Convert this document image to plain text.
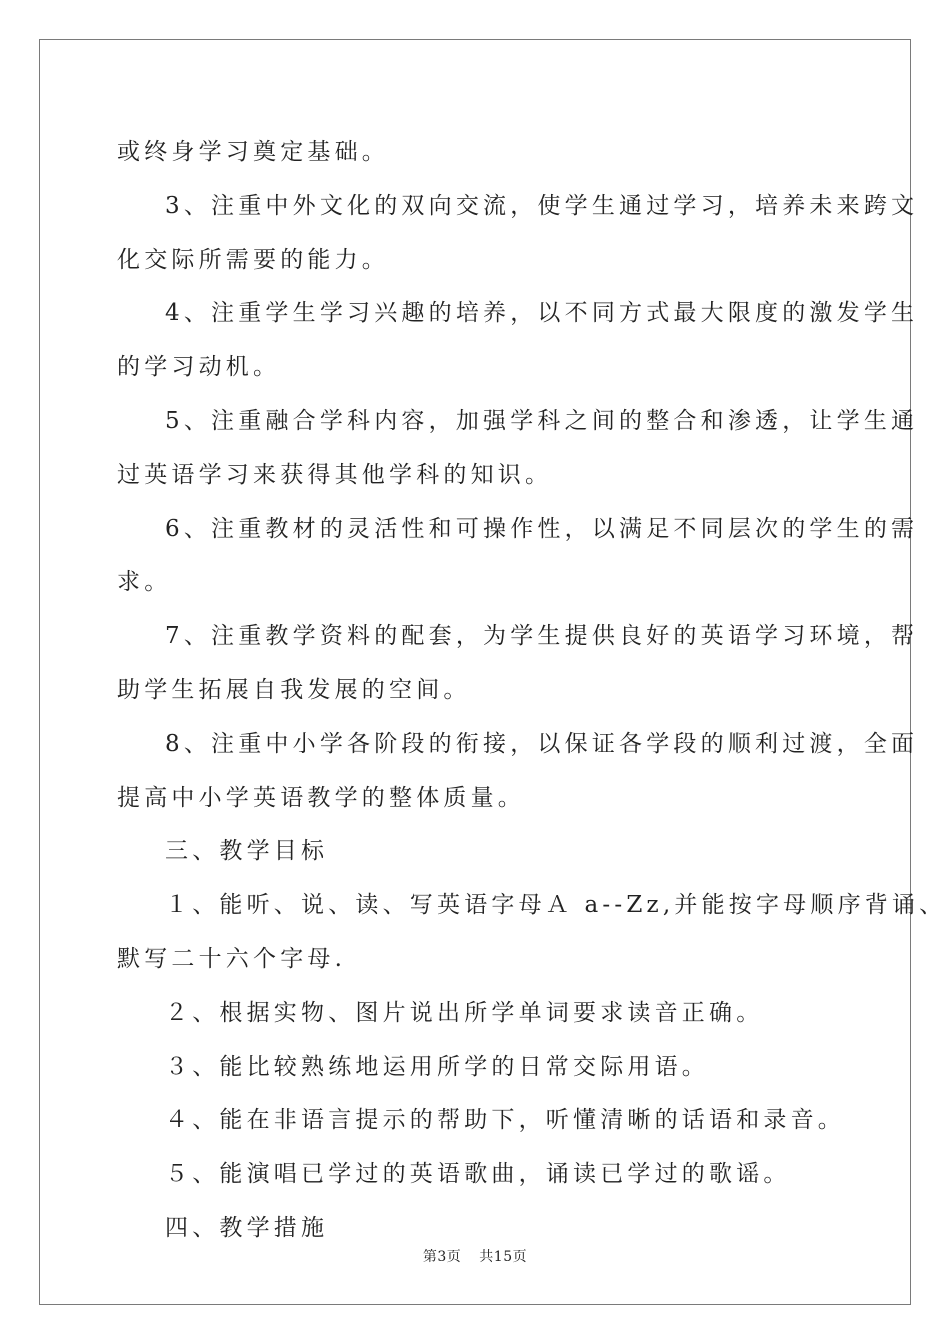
或终身学习奠定基础。
3、注重中外文化的双向交流，使学生通过学习，培养未来跨文
化交际所需要的能力。
4、注重学生学习兴趣的培养，以不同方式最大限度的激发学生
的学习动机。
5、注重融合学科内容，加强学科之间的整合和渗透，让学生通
过英语学习来获得其他学科的知识。
6、注重教材的灵活性和可操作性，以满足不同层次的学生的需
求。
7、注重教学资料的配套，为学生提供良好的英语学习环境，帮
助学生拓展自我发展的空间。
8、注重中小学各阶段的衔接，以保证各学段的顺利过渡，全面
提高中小学英语教学的整体质量。
三、教学目标
１、能听、说、读、写英语字母Ａ a--Zz,并能按字母顺序背诵、
默写二十六个字母.
２、根据实物、图片说出所学单词要求读音正确。
３、能比较熟练地运用所学的日常交际用语。
４、能在非语言提示的帮助下，听懂清晰的话语和录音。
５、能演唱已学过的英语歌曲，诵读已学过的歌谣。
四、教学措施
第3页 共15页
